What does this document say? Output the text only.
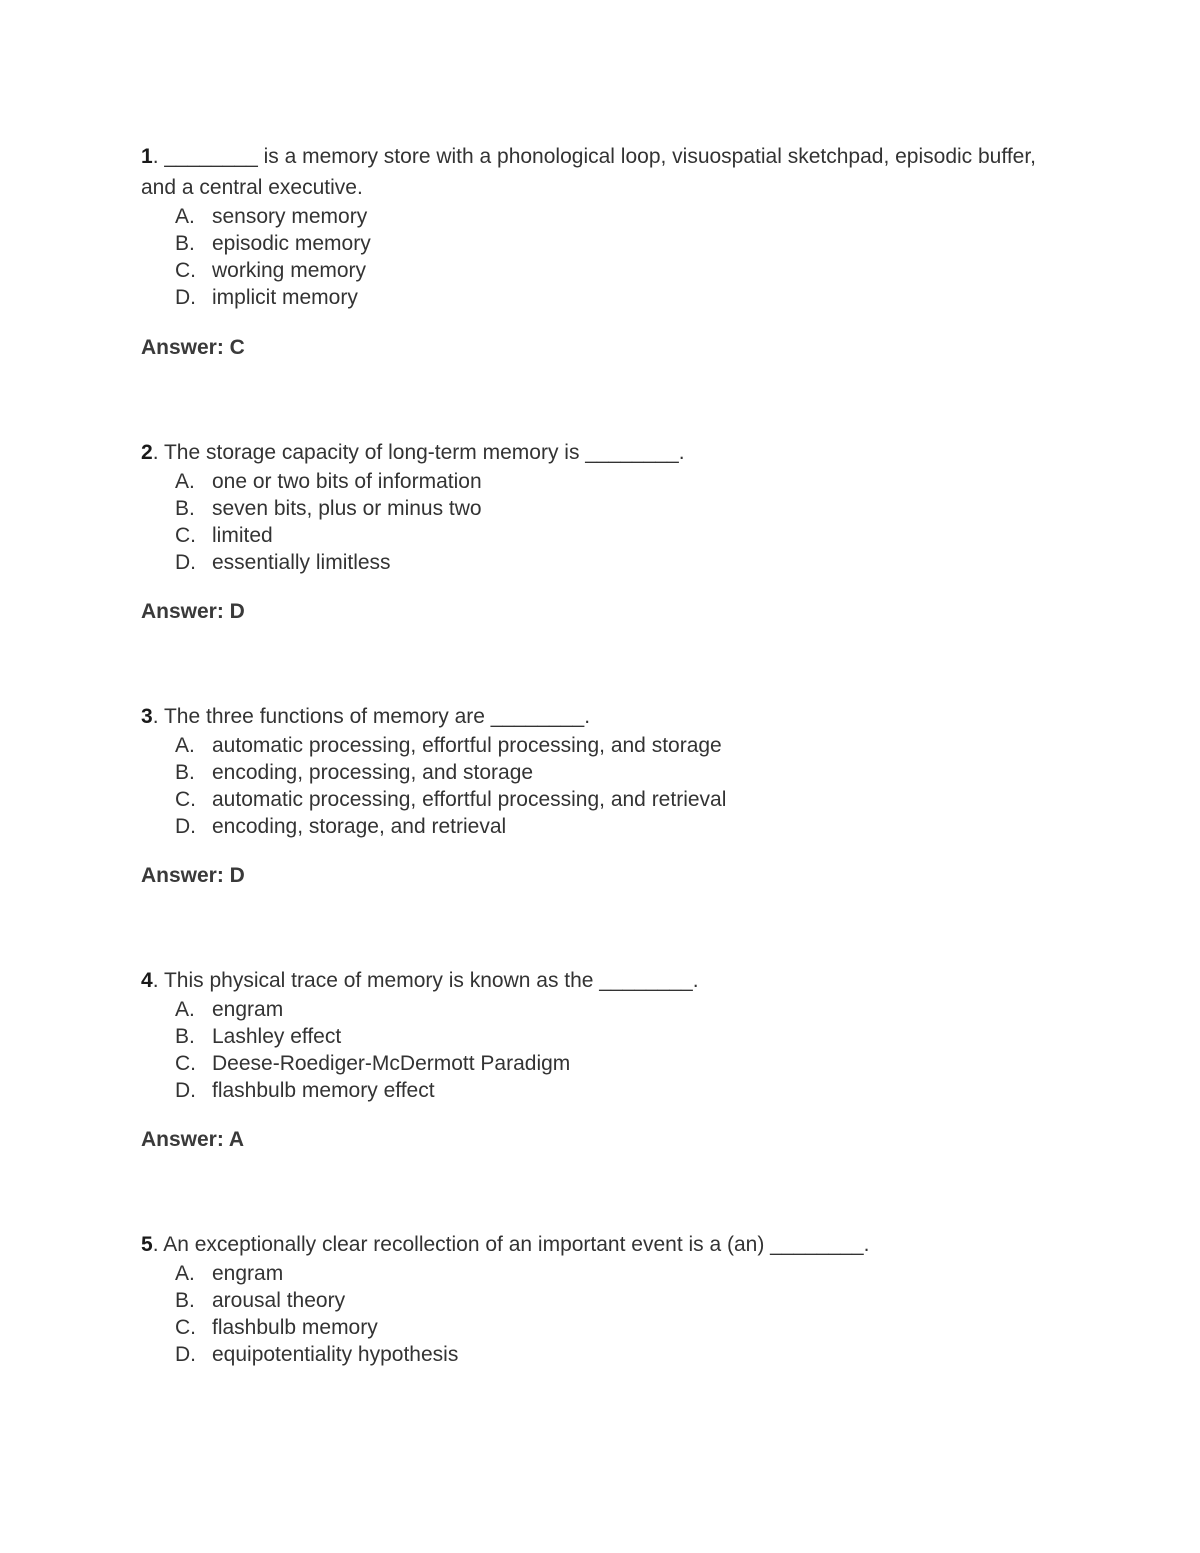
1. ________ is a memory store with a phonological loop, visuospatial sketchpad, episodic buffer, and a central executive.

A. sensory memory
B. episodic memory
C. working memory
D. implicit memory

Answer: C

2. The storage capacity of long-term memory is ________.

A. one or two bits of information
B. seven bits, plus or minus two
C. limited
D. essentially limitless

Answer: D

3. The three functions of memory are ________.

A. automatic processing, effortful processing, and storage
B. encoding, processing, and storage
C. automatic processing, effortful processing, and retrieval
D. encoding, storage, and retrieval

Answer: D

4. This physical trace of memory is known as the ________.

A. engram
B. Lashley effect
C. Deese-Roediger-McDermott Paradigm
D. flashbulb memory effect

Answer: A

5. An exceptionally clear recollection of an important event is a (an) ________.

A. engram
B. arousal theory
C. flashbulb memory
D. equipotentiality hypothesis
